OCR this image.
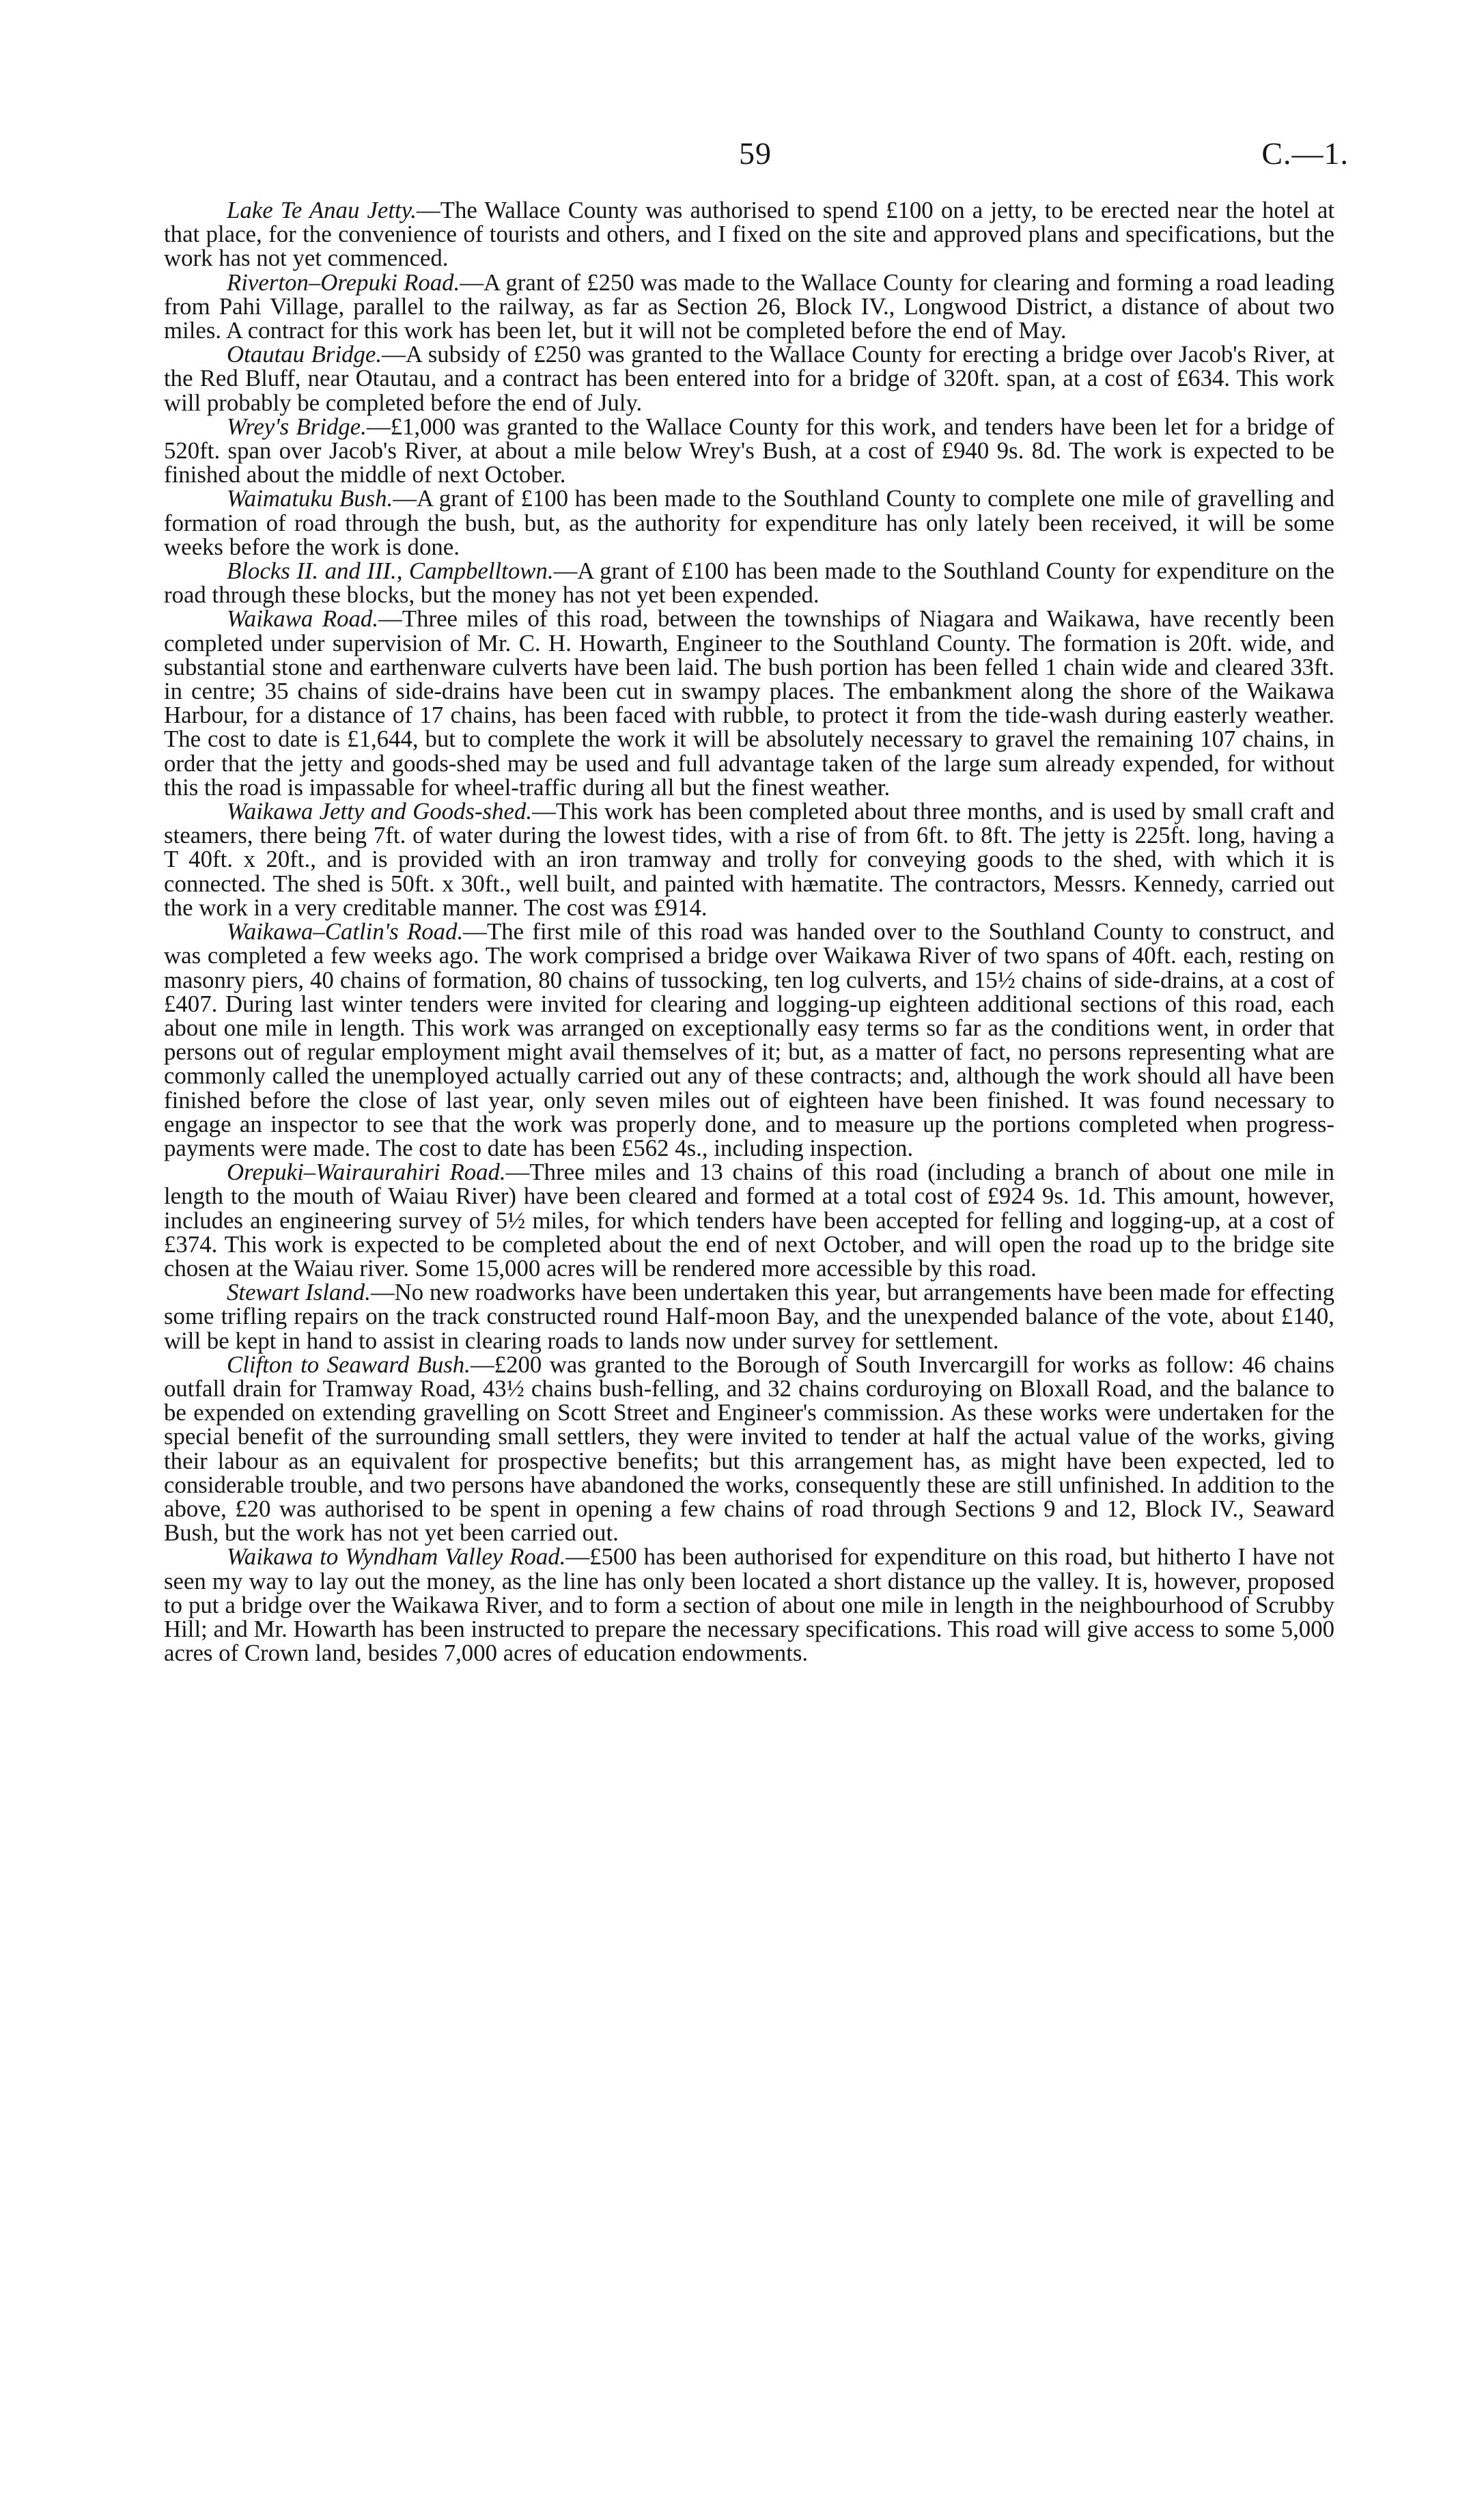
59	C.—1.

Lake Te Anau Jetty.—The Wallace County was authorised to spend £100 on a jetty, to be erected near the hotel at that place, for the convenience of tourists and others, and I fixed on the site and approved plans and specifications, but the work has not yet commenced.

Riverton–Orepuki Road.—A grant of £250 was made to the Wallace County for clearing and forming a road leading from Pahi Village, parallel to the railway, as far as Section 26, Block IV., Longwood District, a distance of about two miles. A contract for this work has been let, but it will not be completed before the end of May.

Otautau Bridge.—A subsidy of £250 was granted to the Wallace County for erecting a bridge over Jacob's River, at the Red Bluff, near Otautau, and a contract has been entered into for a bridge of 320ft. span, at a cost of £634. This work will probably be completed before the end of July.

Wrey's Bridge.—£1,000 was granted to the Wallace County for this work, and tenders have been let for a bridge of 520ft. span over Jacob's River, at about a mile below Wrey's Bush, at a cost of £940 9s. 8d. The work is expected to be finished about the middle of next October.

Waimatuku Bush.—A grant of £100 has been made to the Southland County to complete one mile of gravelling and formation of road through the bush, but, as the authority for expenditure has only lately been received, it will be some weeks before the work is done.

Blocks II. and III., Campbelltown.—A grant of £100 has been made to the Southland County for expenditure on the road through these blocks, but the money has not yet been expended.

Waikawa Road.—Three miles of this road, between the townships of Niagara and Waikawa, have recently been completed under supervision of Mr. C. H. Howarth, Engineer to the Southland County. The formation is 20ft. wide, and substantial stone and earthenware culverts have been laid. The bush portion has been felled 1 chain wide and cleared 33ft. in centre; 35 chains of side-drains have been cut in swampy places. The embankment along the shore of the Waikawa Harbour, for a distance of 17 chains, has been faced with rubble, to protect it from the tide-wash during easterly weather. The cost to date is £1,644, but to complete the work it will be absolutely necessary to gravel the remaining 107 chains, in order that the jetty and goods-shed may be used and full advantage taken of the large sum already expended, for without this the road is impassable for wheel-traffic during all but the finest weather.

Waikawa Jetty and Goods-shed.—This work has been completed about three months, and is used by small craft and steamers, there being 7ft. of water during the lowest tides, with a rise of from 6ft. to 8ft. The jetty is 225ft. long, having a T 40ft. x 20ft., and is provided with an iron tramway and trolly for conveying goods to the shed, with which it is connected. The shed is 50ft. x 30ft., well built, and painted with hæmatite. The contractors, Messrs. Kennedy, carried out the work in a very creditable manner. The cost was £914.

Waikawa–Catlin's Road.—The first mile of this road was handed over to the Southland County to construct, and was completed a few weeks ago. The work comprised a bridge over Waikawa River of two spans of 40ft. each, resting on masonry piers, 40 chains of formation, 80 chains of tussocking, ten log culverts, and 15½ chains of side-drains, at a cost of £407. During last winter tenders were invited for clearing and logging-up eighteen additional sections of this road, each about one mile in length. This work was arranged on exceptionally easy terms so far as the conditions went, in order that persons out of regular employment might avail themselves of it; but, as a matter of fact, no persons representing what are commonly called the unemployed actually carried out any of these contracts; and, although the work should all have been finished before the close of last year, only seven miles out of eighteen have been finished. It was found necessary to engage an inspector to see that the work was properly done, and to measure up the portions completed when progress-payments were made. The cost to date has been £562 4s., including inspection.

Orepuki–Wairaurahiri Road.—Three miles and 13 chains of this road (including a branch of about one mile in length to the mouth of Waiau River) have been cleared and formed at a total cost of £924 9s. 1d. This amount, however, includes an engineering survey of 5½ miles, for which tenders have been accepted for felling and logging-up, at a cost of £374. This work is expected to be completed about the end of next October, and will open the road up to the bridge site chosen at the Waiau river. Some 15,000 acres will be rendered more accessible by this road.

Stewart Island.—No new roadworks have been undertaken this year, but arrangements have been made for effecting some trifling repairs on the track constructed round Half-moon Bay, and the unexpended balance of the vote, about £140, will be kept in hand to assist in clearing roads to lands now under survey for settlement.

Clifton to Seaward Bush.—£200 was granted to the Borough of South Invercargill for works as follow: 46 chains outfall drain for Tramway Road, 43½ chains bush-felling, and 32 chains corduroying on Bloxall Road, and the balance to be expended on extending gravelling on Scott Street and Engineer's commission. As these works were undertaken for the special benefit of the surrounding small settlers, they were invited to tender at half the actual value of the works, giving their labour as an equivalent for prospective benefits; but this arrangement has, as might have been expected, led to considerable trouble, and two persons have abandoned the works, consequently these are still unfinished. In addition to the above, £20 was authorised to be spent in opening a few chains of road through Sections 9 and 12, Block IV., Seaward Bush, but the work has not yet been carried out.

Waikawa to Wyndham Valley Road.—£500 has been authorised for expenditure on this road, but hitherto I have not seen my way to lay out the money, as the line has only been located a short distance up the valley. It is, however, proposed to put a bridge over the Waikawa River, and to form a section of about one mile in length in the neighbourhood of Scrubby Hill; and Mr. Howarth has been instructed to prepare the necessary specifications. This road will give access to some 5,000 acres of Crown land, besides 7,000 acres of education endowments.
